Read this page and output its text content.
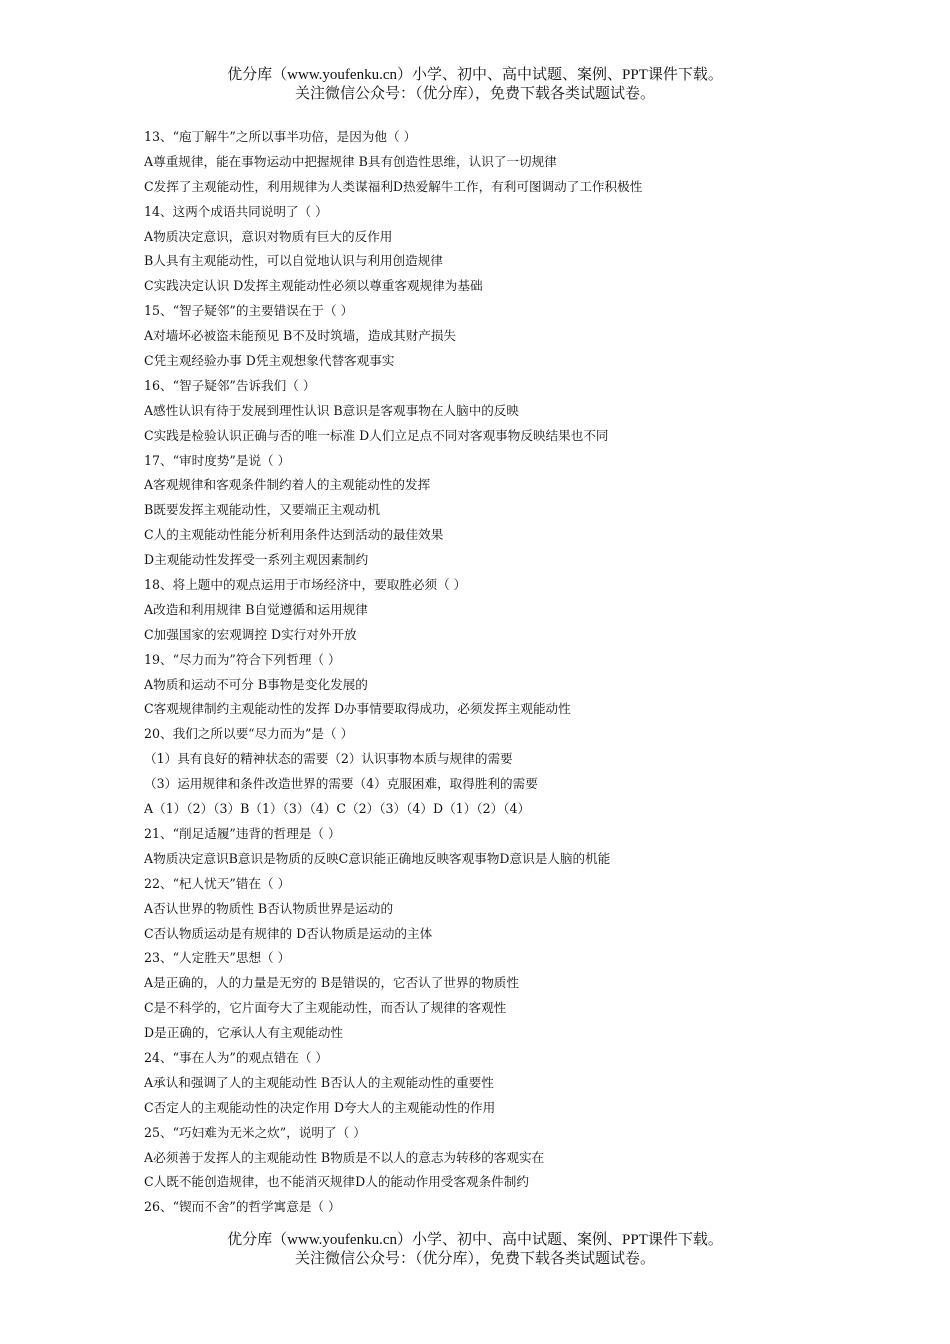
优分库（www.youfenku.cn）小学、初中、高中试题、案例、PPT课件下载。
关注微信公众号：（优分库），免费下载各类试题试卷。
13、“庖丁解牛”之所以事半功倍，是因为他（ ）
A尊重规律，能在事物运动中把握规律 B具有创造性思维，认识了一切规律
C发挥了主观能动性，利用规律为人类谋福利D热爱解牛工作，有利可图调动了工作积极性
14、这两个成语共同说明了（ ）
A物质决定意识，意识对物质有巨大的反作用
B人具有主观能动性，可以自觉地认识与利用创造规律
C实践决定认识 D发挥主观能动性必须以尊重客观规律为基础
15、“智子疑邻”的主要错误在于（ ）
A对墙坏必被盗未能预见 B不及时筑墙，造成其财产损失
C凭主观经验办事 D凭主观想象代替客观事实
16、“智子疑邻”告诉我们（ ）
A感性认识有待于发展到理性认识 B意识是客观事物在人脑中的反映
C实践是检验认识正确与否的唯一标准 D人们立足点不同对客观事物反映结果也不同
17、“审时度势”是说（ ）
A客观规律和客观条件制约着人的主观能动性的发挥
B既要发挥主观能动性，又要端正主观动机
C人的主观能动性能分析利用条件达到活动的最佳效果
D主观能动性发挥受一系列主观因素制约
18、将上题中的观点运用于市场经济中，要取胜必须（ ）
A改造和利用规律 B自觉遵循和运用规律
C加强国家的宏观调控 D实行对外开放
19、“尽力而为”符合下列哲理（ ）
A物质和运动不可分 B事物是变化发展的
C客观规律制约主观能动性的发挥 D办事情要取得成功，必须发挥主观能动性
20、我们之所以要“尽力而为”是（ ）
（1）具有良好的精神状态的需要（2）认识事物本质与规律的需要
（3）运用规律和条件改造世界的需要（4）克服困难，取得胜利的需要
A（1）（2）（3）B（1）（3）（4）C（2）（3）（4）D（1）（2）（4）
21、“削足适履”违背的哲理是（ ）
A物质决定意识B意识是物质的反映C意识能正确地反映客观事物D意识是人脑的机能
22、“杞人忧天”错在（ ）
A否认世界的物质性 B否认物质世界是运动的
C否认物质运动是有规律的 D否认物质是运动的主体
23、“人定胜天”思想（ ）
A是正确的，人的力量是无穷的 B是错误的，它否认了世界的物质性
C是不科学的，它片面夸大了主观能动性，而否认了规律的客观性
D是正确的，它承认人有主观能动性
24、“事在人为”的观点错在（ ）
A承认和强调了人的主观能动性 B否认人的主观能动性的重要性
C否定人的主观能动性的决定作用 D夸大人的主观能动性的作用
25、“巧妇难为无米之炊”，说明了（ ）
A必须善于发挥人的主观能动性 B物质是不以人的意志为转移的客观实在
C人既不能创造规律，也不能消灭规律D人的能动作用受客观条件制约
26、“锲而不舍”的哲学寓意是（ ）
优分库（www.youfenku.cn）小学、初中、高中试题、案例、PPT课件下载。
关注微信公众号：（优分库），免费下载各类试题试卷。
